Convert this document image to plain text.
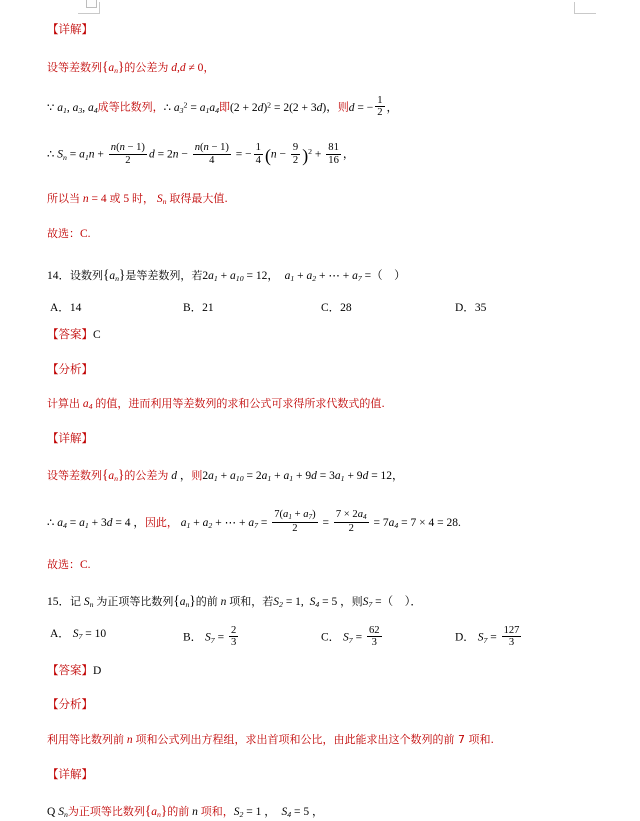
【详解】
设等差数列$\{a_n\}$的公差为 d,d ≠ 0，
∵ $a_1$, $a_3$, $a_4$成等比数列，∴ $a_3^2 = a_1a_4$即$(2 + 2d)^2 = 2(2 + 3d)$，则d = − $\frac{1}{2}$ ，
∴ $S_n = a_1n + \frac{n(n - 1)}{2}$ $d = 2n - \frac{n(n - 1)}{4}$ = − $\frac{1}{4} (n - \frac{9}{2} )^2 + \frac{81}{16}$ ，
所以当 n = 4 或 5 时， $S_n$ 取得最大值.
故选：C.
14．设数列$\{a_n\}$是等差数列，若$2a_1 + a_{10} = 12$，  $a_1 + a_2$ + ⋯ + $a_7$ =（    ）
A．14	B．21	C．28	D．35
【答案】C
【分析】
计算出 $a_4$ 的值，进而利用等差数列的求和公式可求得所求代数式的值.
【详解】
设等差数列$\{a_n\}$的公差为 d ，则$2a_1 + a_{10} = 2a_1 + a_1 + 9d = 3a_1 + 9d = 12$，
∴ $a_4 = a_1 + 3d = 4$ ，因此， $a_1 + a_2$ + ⋯ + $a_7 = \frac{7(a_1 + a_7)}{2} = \frac{7 \times 2a_4}{2} = 7a_4 = 7 \times 4 = 28$.
故选：C.
15．记 $S_n$ 为正项等比数列$\{a_n\}$的前 n 项和，若$S_2 = 1$,  $S_4 = 5$ ，则$S_7$ =（    ）．
A． $S_7 = 10$	B． $S_7 = \frac{2}{3}$	C． $S_7 = \frac{62}{3}$	D． $S_7 = \frac{127}{3}$
【答案】D
【分析】
利用等比数列前 n 项和公式列出方程组，求出首项和公比，由此能求出这个数列的前 7 项和.
【详解】
Q $S_n$为正项等比数列$\{a_n\}$的前 n 项和，$S_2 = 1$ ，  $S_4 = 5$ ，
